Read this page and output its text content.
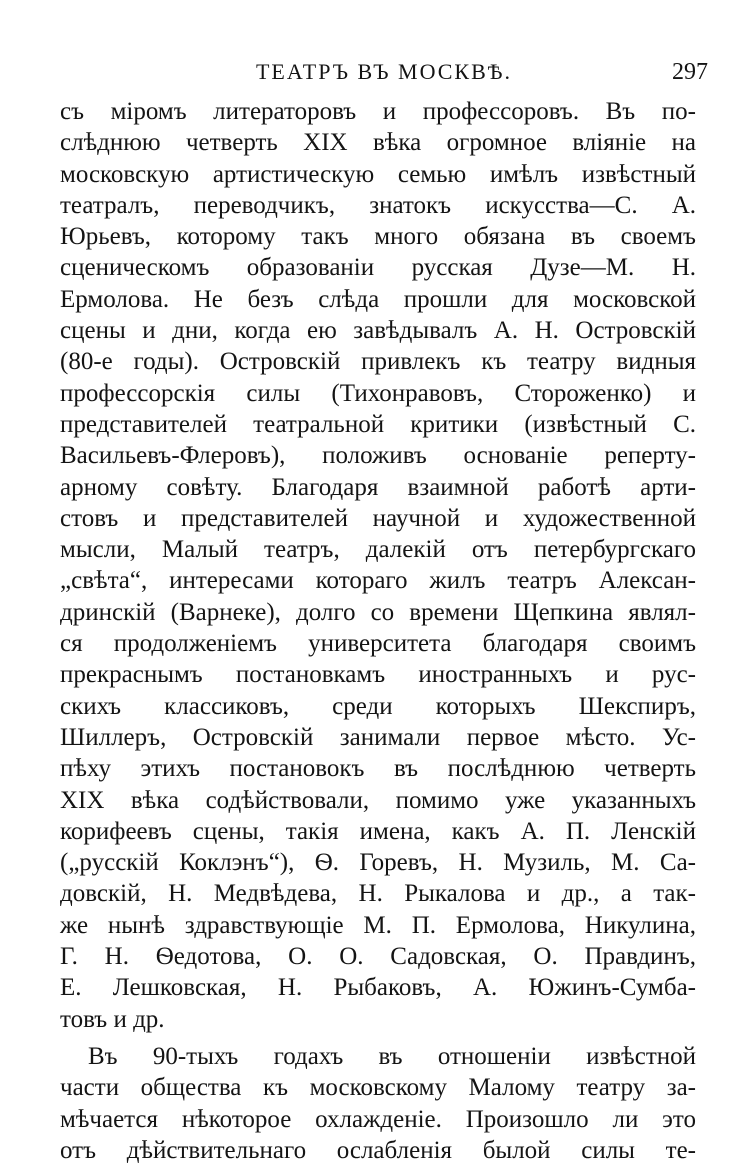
ТЕАТРЪ ВЪ МОСКВѢ.	297
съ міромъ литераторовъ и профессоровъ. Въ по-
слѣднюю четверть XIX вѣка огромное вліяніе на
московскую артистическую семью имѣлъ извѣстный
театралъ, переводчикъ, знатокъ искусства—С. А.
Юрьевъ, которому такъ много обязана въ своемъ
сценическомъ образованіи русская Дузе—М. Н.
Ермолова. Не безъ слѣда прошли для московской
сцены и дни, когда ею завѣдывалъ А. Н. Островскій
(80-е годы). Островскій привлекъ къ театру видныя
профессорскія силы (Тихонравовъ, Стороженко) и
представителей театральной критики (извѣстный С.
Васильевъ-Флеровъ), положивъ основаніе реперту-
арному совѣту. Благодаря взаимной работѣ арти-
стовъ и представителей научной и художественной
мысли, Малый театръ, далекій отъ петербургскаго
„свѣта“, интересами котораго жилъ театръ Алексан-
дринскій (Варнеке), долго со времени Щепкина являл-
ся продолженіемъ университета благодаря своимъ
прекраснымъ постановкамъ иностранныхъ и рус-
скихъ классиковъ, среди которыхъ Шекспиръ,
Шиллеръ, Островскій занимали первое мѣсто. Ус-
пѣху этихъ постановокъ въ послѣднюю четверть
XIX вѣка содѣйствовали, помимо уже указанныхъ
корифеевъ сцены, такія имена, какъ А. П. Ленскій
(„русскій Коклэнъ“), Ѳ. Горевъ, Н. Музиль, М. Са-
довскій, Н. Медвѣдева, Н. Рыкалова и др., а так-
же нынѣ здравствующіе М. П. Ермолова, Никулина,
Г. Н. Ѳедотова, О. О. Садовская, О. Правдинъ,
Е. Лешковская, Н. Рыбаковъ, А. Южинъ-Сумба-
товъ и др.
Въ 90-тыхъ годахъ въ отношеніи извѣстной
части общества къ московскому Малому театру за-
мѣчается нѣкоторое охлажденіе. Произошло ли это
отъ дѣйствительнаго ослабленія былой силы те-
